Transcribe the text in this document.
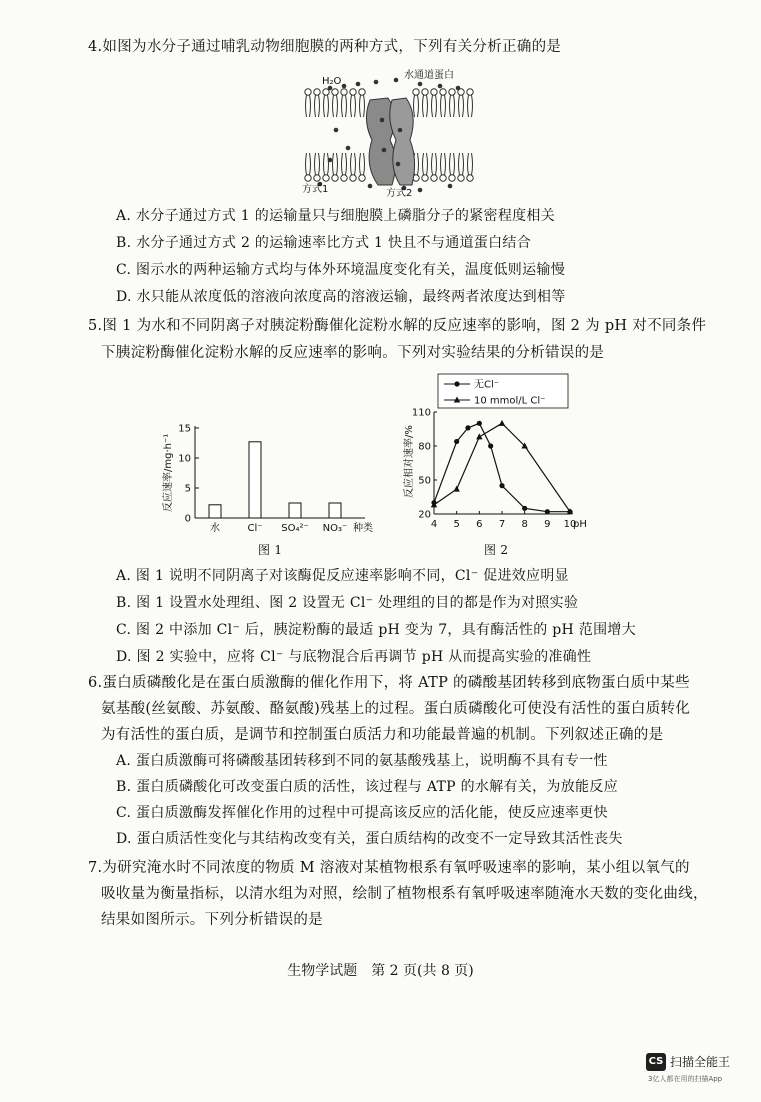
4.如图为水分子通过哺乳动物细胞膜的两种方式，下列有关分析正确的是
H₂O
水通道蛋白
方式1	方式2
A. 水分子通过方式 1 的运输量只与细胞膜上磷脂分子的紧密程度相关
B. 水分子通过方式 2 的运输速率比方式 1 快且不与通道蛋白结合
C. 图示水的两种运输方式均与体外环境温度变化有关，温度低则运输慢
D. 水只能从浓度低的溶液向浓度高的溶液运输，最终两者浓度达到相等
5.图 1 为水和不同阴离子对胰淀粉酶催化淀粉水解的反应速率的影响，图 2 为 pH 对不同条件
下胰淀粉酶催化淀粉水解的反应速率的影响。下列对实验结果的分析错误的是
反应速率/mg·h⁻¹
0
5
10
15
水	Cl⁻ SO₄²⁻ NO₃⁻ 种类
图 1
反应相对速率/%
无Cl⁻
10 mmol/L Cl⁻
20
50
80
110
4 5 6 7 8 9 10
pH
图 2
A. 图 1 说明不同阴离子对该酶促反应速率影响不同，Cl⁻ 促进效应明显
B. 图 1 设置水处理组、图 2 设置无 Cl⁻ 处理组的目的都是作为对照实验
C. 图 2 中添加 Cl⁻ 后，胰淀粉酶的最适 pH 变为 7，具有酶活性的 pH 范围增大
D. 图 2 实验中，应将 Cl⁻ 与底物混合后再调节 pH 从而提高实验的准确性
6.蛋白质磷酸化是在蛋白质激酶的催化作用下，将 ATP 的磷酸基团转移到底物蛋白质中某些
氨基酸(丝氨酸、苏氨酸、酪氨酸)残基上的过程。蛋白质磷酸化可使没有活性的蛋白质转化
为有活性的蛋白质，是调节和控制蛋白质活力和功能最普遍的机制。下列叙述正确的是
A. 蛋白质激酶可将磷酸基团转移到不同的氨基酸残基上，说明酶不具有专一性
B. 蛋白质磷酸化可改变蛋白质的活性，该过程与 ATP 的水解有关，为放能反应
C. 蛋白质激酶发挥催化作用的过程中可提高该反应的活化能，使反应速率更快
D. 蛋白质活性变化与其结构改变有关，蛋白质结构的改变不一定导致其活性丧失
7.为研究淹水时不同浓度的物质 M 溶液对某植物根系有氧呼吸速率的影响，某小组以氧气的
吸收量为衡量指标，以清水组为对照，绘制了植物根系有氧呼吸速率随淹水天数的变化曲线，
结果如图所示。下列分析错误的是
生物学试题　第 2 页(共 8 页)
CS 扫描全能王
3亿人都在用的扫描App
